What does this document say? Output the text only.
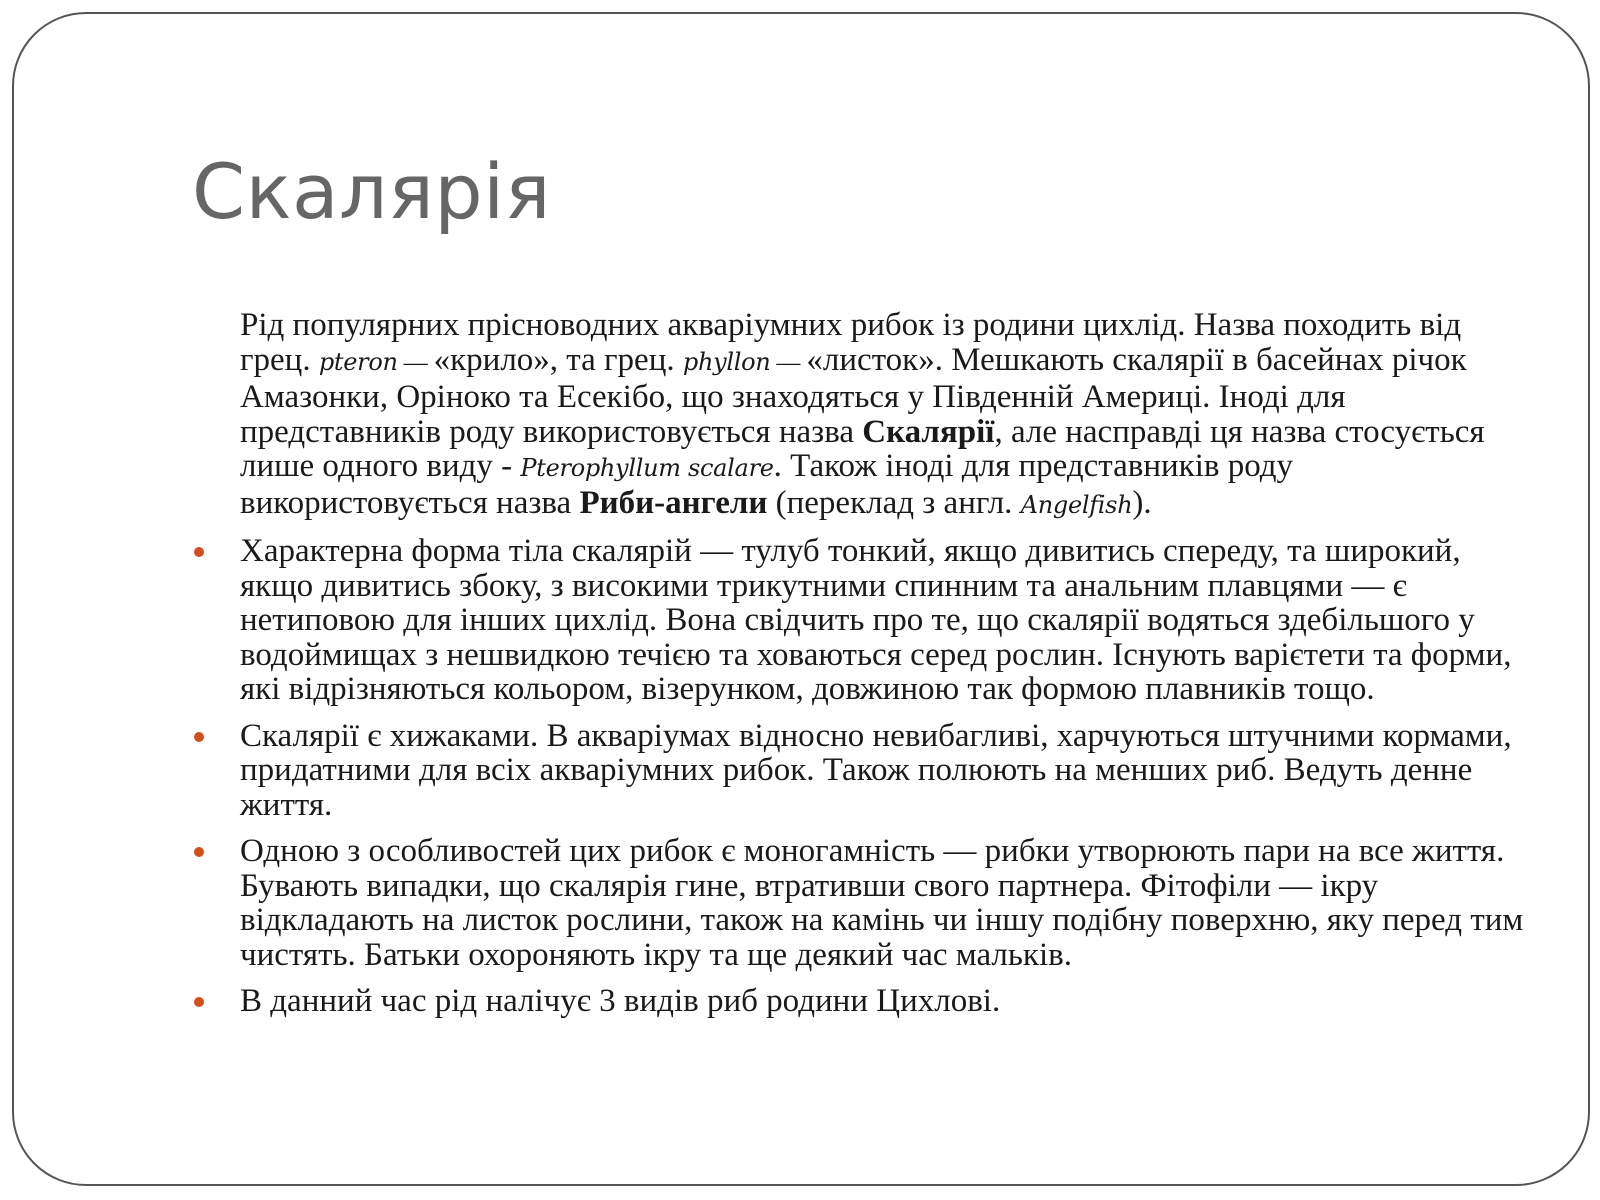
Скалярія
Рід популярних прісноводних акваріумних рибок із родини цихлід. Назва походить від грец. pteron — «крило», та грец. phyllon — «листок». Мешкають скалярії в басейнах річок Амазонки, Оріноко та Есекібо, що знаходяться у Південній Америці. Іноді для представників роду використовується назва Скалярії, але насправді ця назва стосується лише одного виду - Pterophyllum scalare. Також іноді для представників роду використовується назва Риби-ангели (переклад з англ. Angelfish).
Характерна форма тіла скалярій — тулуб тонкий, якщо дивитись спереду, та широкий, якщо дивитись збоку, з високими трикутними спинним та анальним плавцями — є нетиповою для інших цихлід. Вона свідчить про те, що скалярії водяться здебільшого у водоймищах з нешвидкою течією та ховаються серед рослин. Існують варієтети та форми, які відрізняються кольором, візерунком, довжиною так формою плавників тощо.
Скалярії є хижаками. В акваріумах відносно невибагливі, харчуються штучними кормами, придатними для всіх акваріумних рибок. Також полюють на менших риб. Ведуть денне життя.
Одною з особливостей цих рибок є моногамність — рибки утворюють пари на все життя. Бувають випадки, що скалярія гине, втративши свого партнера. Фітофіли — ікру відкладають на листок рослини, також на камінь чи іншу подібну поверхню, яку перед тим чистять. Батьки охороняють ікру та ще деякий час мальків.
В данний час рід налічує 3 видів риб родини Цихлові.
